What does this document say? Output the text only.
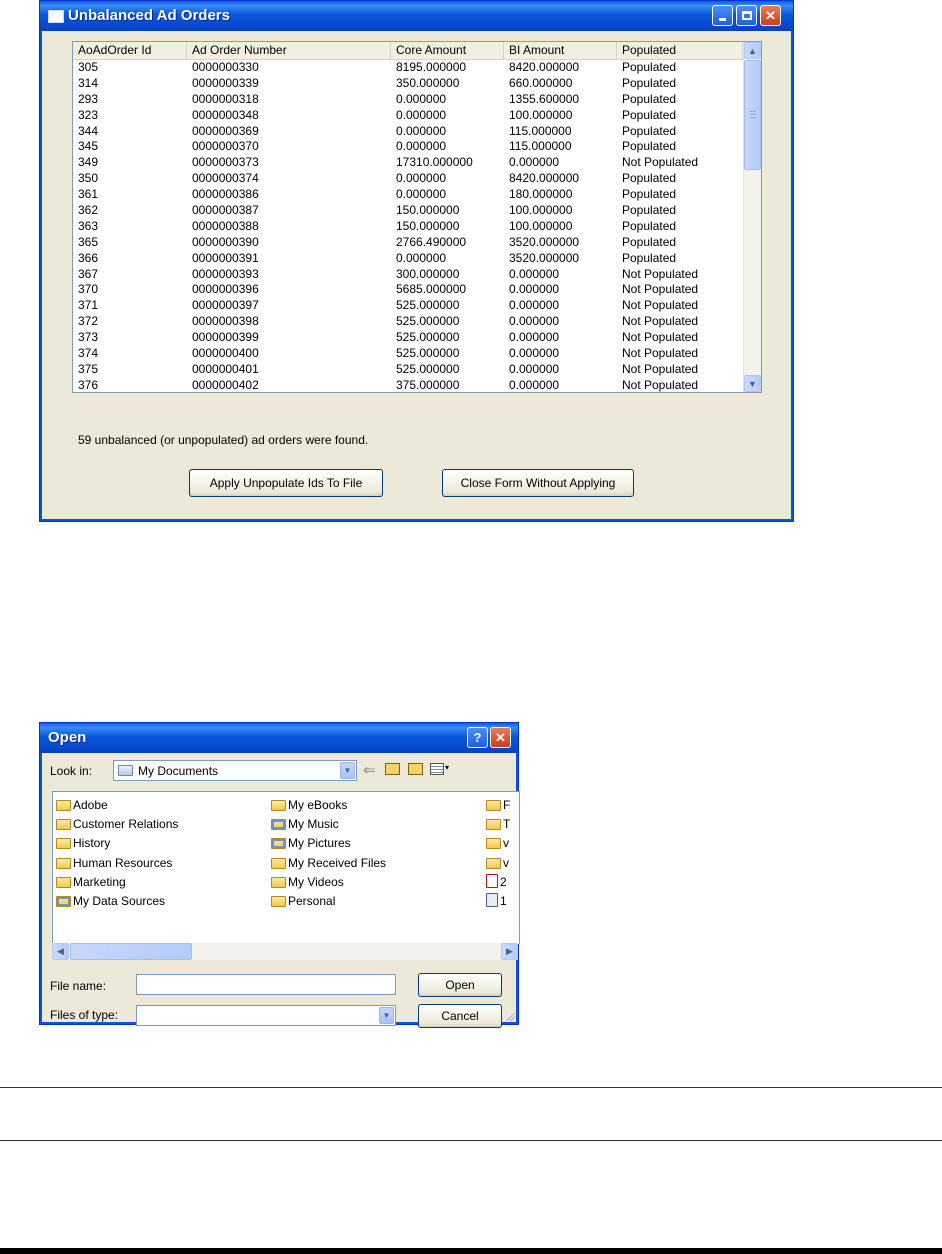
Unbalanced Ad Orders	✕
AoAdOrder Id	Ad Order Number	Core Amount	BI Amount	Populated
305	0000000330	8195.000000	8420.000000	Populated
314	0000000339	350.000000	660.000000	Populated
293	0000000318	0.000000	1355.600000	Populated
323	0000000348	0.000000	100.000000	Populated
344	0000000369	0.000000	115.000000	Populated
345	0000000370	0.000000	115.000000	Populated
349	0000000373	17310.000000	0.000000	Not Populated
350	0000000374	0.000000	8420.000000	Populated
361	0000000386	0.000000	180.000000	Populated
362	0000000387	150.000000	100.000000	Populated
363	0000000388	150.000000	100.000000	Populated
365	0000000390	2766.490000	3520.000000	Populated
366	0000000391	0.000000	3520.000000	Populated
367	0000000393	300.000000	0.000000	Not Populated
370	0000000396	5685.000000	0.000000	Not Populated
371	0000000397	525.000000	0.000000	Not Populated
372	0000000398	525.000000	0.000000	Not Populated
373	0000000399	525.000000	0.000000	Not Populated
374	0000000400	525.000000	0.000000	Not Populated
375	0000000401	525.000000	0.000000	Not Populated
376	0000000402	375.000000	0.000000	Not Populated
▲
▼
59 unbalanced (or unpopulated) ad orders were found.
Apply Unpopulate Ids To File	Close Form Without Applying
Open	? ✕
Look in:	My Documents	▼ ⇐	▾
Adobe
Customer Relations
History
Human Resources
Marketing
My Data Sources
My eBooks
My Music
My Pictures
My Received Files
My Videos
Personal
F
T
v
v
2
1
◀	▶
File name:
Files of type:	▼
Open
Cancel
